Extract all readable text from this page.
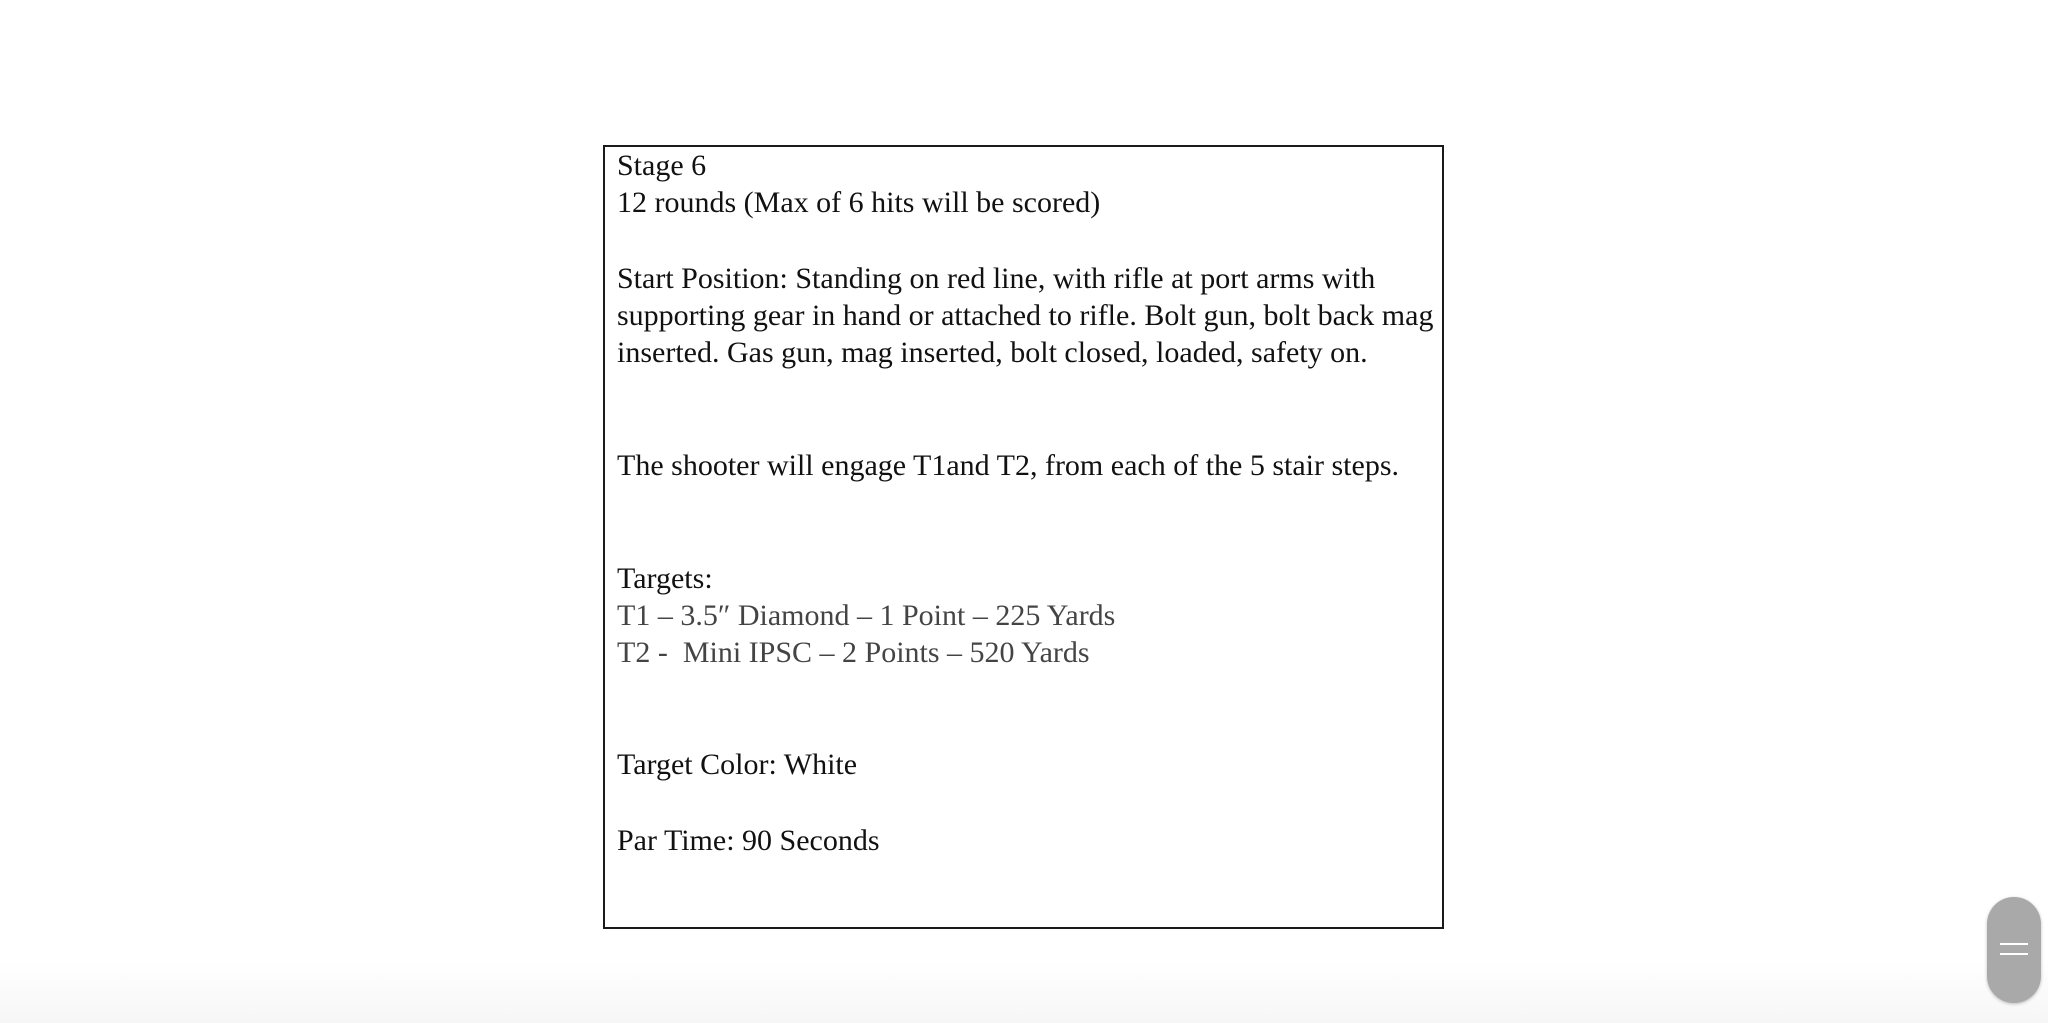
Stage 6
12 rounds (Max of 6 hits will be scored)

Start Position: Standing on red line, with rifle at port arms with supporting gear in hand or attached to rifle. Bolt gun, bolt back mag inserted. Gas gun, mag inserted, bolt closed, loaded, safety on.

The shooter will engage T1and T2, from each of the 5 stair steps.

Targets:
T1 – 3.5″ Diamond – 1 Point – 225 Yards
T2 -  Mini IPSC – 2 Points – 520 Yards
Target Color: White
Par Time: 90 Seconds
